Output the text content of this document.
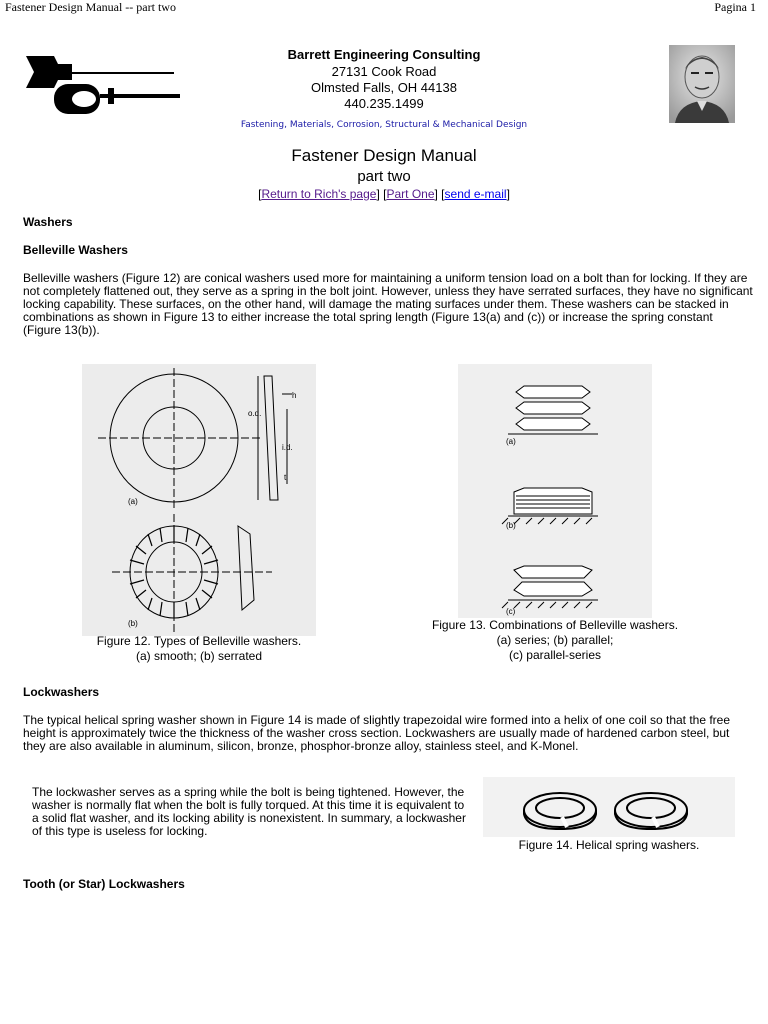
Fastener Design Manual -- part two	Pagina 1
Barrett Engineering Consulting
27131 Cook Road
Olmsted Falls, OH 44138
440.235.1499
Fastening, Materials, Corrosion, Structural & Mechanical Design
Fastener Design Manual
part two
[Return to Rich's page] [Part One] [send e-mail]
Washers
Belleville Washers
Belleville washers (Figure 12) are conical washers used more for maintaining a uniform tension load on a bolt than for locking. If they are not completely flattened out, they serve as a spring in the bolt joint. However, unless they have serrated surfaces, they have no significant locking capability. These surfaces, on the other hand, will damage the mating surfaces under them. These washers can be stacked in combinations as shown in Figure 13 to either increase the total spring length (Figure 13(a) and (c)) or increase the spring constant (Figure 13(b)).
(a)
(b)
o.d.
h
i.d.
t
Figure 12. Types of Belleville washers.
(a) smooth; (b) serrated
(a)
(b)
(c)
Figure 13. Combinations of Belleville washers.
(a) series; (b) parallel;
(c) parallel-series
Lockwashers
The typical helical spring washer shown in Figure 14 is made of slightly trapezoidal wire formed into a helix of one coil so that the free height is approximately twice the thickness of the washer cross section. Lockwashers are usually made of hardened carbon steel, but they are also available in aluminum, silicon, bronze, phosphor-bronze alloy, stainless steel, and K-Monel.
The lockwasher serves as a spring while the bolt is being tightened. However, the washer is normally flat when the bolt is fully torqued. At this time it is equivalent to a solid flat washer, and its locking ability is nonexistent. In summary, a lockwasher of this type is useless for locking.
Figure 14. Helical spring washers.
Tooth (or Star) Lockwashers
